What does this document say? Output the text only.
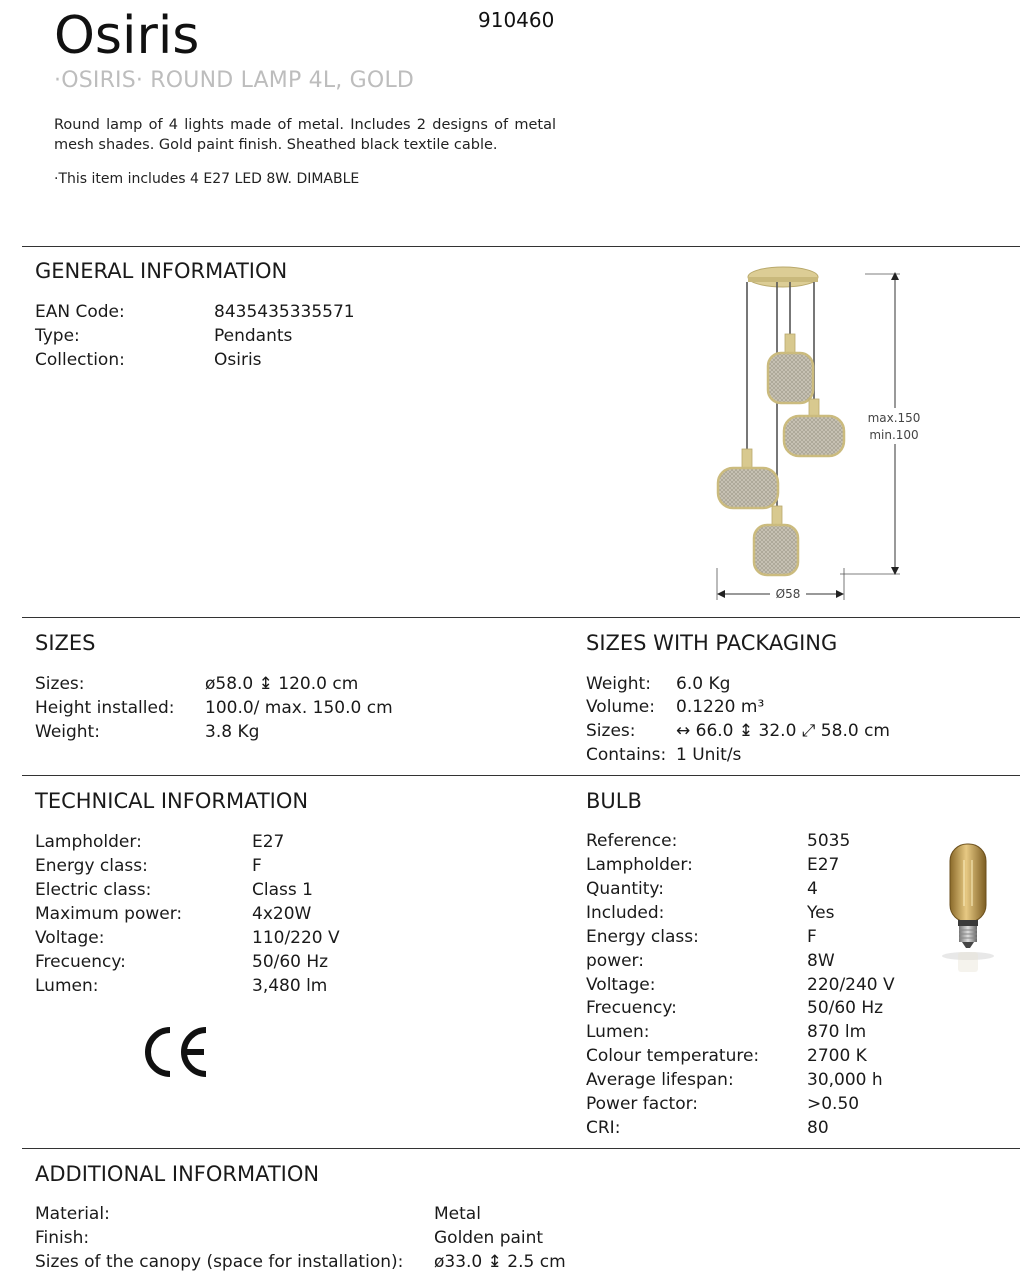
Osiris	910460
·OSIRIS· ROUND LAMP 4L, GOLD
Round lamp of 4 lights made of metal. Includes 2 designs of metal mesh shades. Gold paint finish. Sheathed black textile cable.
·This item includes 4 E27 LED 8W. DIMABLE
GENERAL INFORMATION
EAN Code:	8435435335571
Type:	Pendants
Collection:	Osiris
max.150
min.100
Ø58
SIZES
Sizes:	ø58.0 ↨ 120.0 cm
Height installed: 100.0/ max. 150.0 cm
Weight:	3.8 Kg
SIZES WITH PACKAGING
Weight: 6.0 Kg
Volume: 0.1220 m³
Sizes: ↔ 66.0 ↨ 32.0 ⤢ 58.0 cm
Contains: 1 Unit/s
TECHNICAL INFORMATION
Lampholder:	E27
Energy class:	F
Electric class:	Class 1
Maximum power:	4x20W
Voltage:	110/220 V
Frecuency:	50/60 Hz
Lumen:	3,480 lm
BULB
Reference:	5035
Lampholder:	E27
Quantity:	4
Included:	Yes
Energy class:	F
power:	8W
Voltage:	220/240 V
Frecuency:	50/60 Hz
Lumen:	870 lm
Colour temperature:	2700 K
Average lifespan:	30,000 h
Power factor:	>0.50
CRI:	80
ADDITIONAL INFORMATION
Material:	Metal
Finish:	Golden paint
Sizes of the canopy (space for installation): ø33.0 ↨ 2.5 cm
